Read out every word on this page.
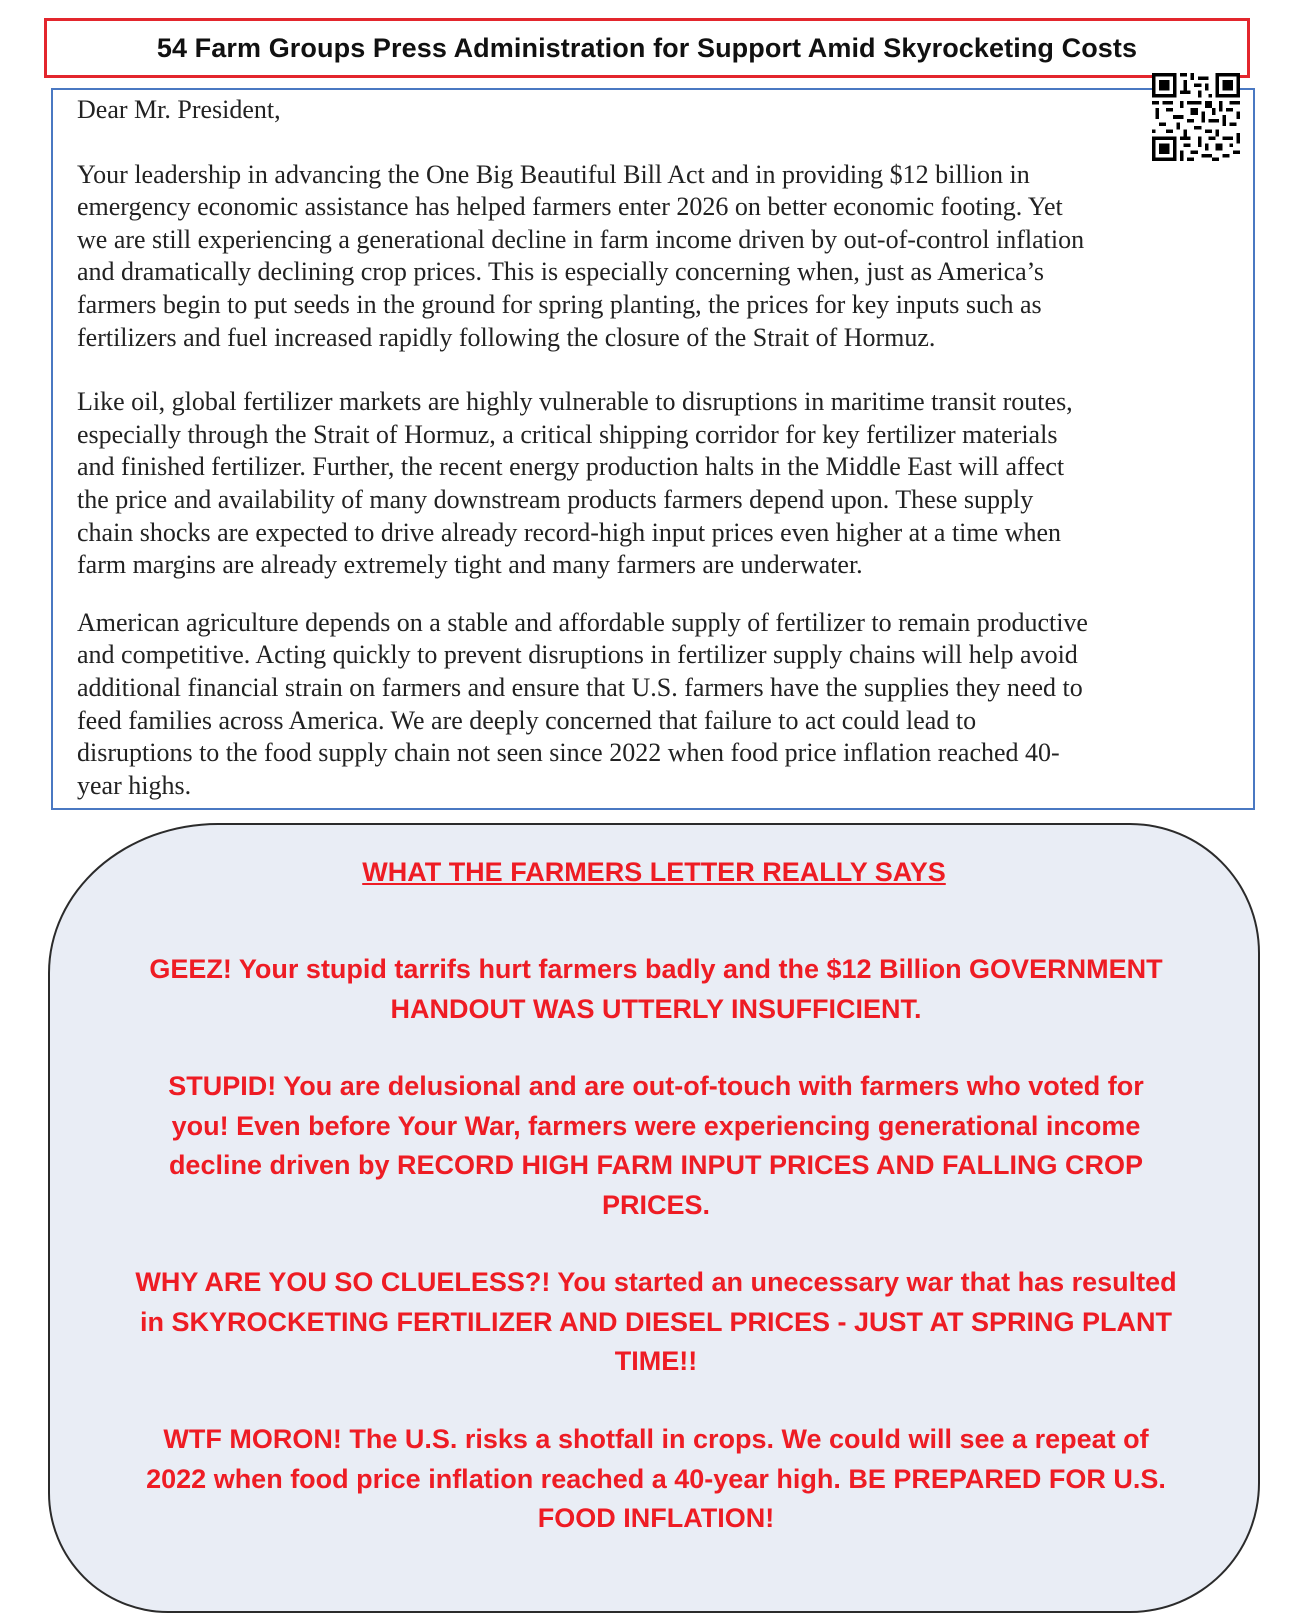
54 Farm Groups Press Administration for Support Amid Skyrocketing Costs

Dear Mr. President,

Your leadership in advancing the One Big Beautiful Bill Act and in providing $12 billion in

emergency economic assistance has helped farmers enter 2026 on better economic footing. Yet

we are still experiencing a generational decline in farm income driven by out-of-control inflation

and dramatically declining crop prices. This is especially concerning when, just as America’s

farmers begin to put seeds in the ground for spring planting, the prices for key inputs such as

fertilizers and fuel increased rapidly following the closure of the Strait of Hormuz.

Like oil, global fertilizer markets are highly vulnerable to disruptions in maritime transit routes,

especially through the Strait of Hormuz, a critical shipping corridor for key fertilizer materials

and finished fertilizer. Further, the recent energy production halts in the Middle East will affect

the price and availability of many downstream products farmers depend upon. These supply

chain shocks are expected to drive already record-high input prices even higher at a time when

farm margins are already extremely tight and many farmers are underwater.

American agriculture depends on a stable and affordable supply of fertilizer to remain productive

and competitive. Acting quickly to prevent disruptions in fertilizer supply chains will help avoid

additional financial strain on farmers and ensure that U.S. farmers have the supplies they need to

feed families across America. We are deeply concerned that failure to act could lead to

disruptions to the food supply chain not seen since 2022 when food price inflation reached 40-

year highs.

WHAT THE FARMERS LETTER REALLY SAYS

GEEZ! Your stupid tarrifs hurt farmers badly and the $12 Billion GOVERNMENT
HANDOUT WAS UTTERLY INSUFFICIENT.

STUPID! You are delusional and are out-of-touch with farmers who voted for
you! Even before Your War, farmers were experiencing generational income
decline driven by RECORD HIGH FARM INPUT PRICES AND FALLING CROP
PRICES.

WHY ARE YOU SO CLUELESS?! You started an unecessary war that has resulted
in SKYROCKETING FERTILIZER AND DIESEL PRICES - JUST AT SPRING PLANT
TIME!!

WTF MORON! The U.S. risks a shotfall in crops. We could will see a repeat of
2022 when food price inflation reached a 40-year high. BE PREPARED FOR U.S.
FOOD INFLATION!
